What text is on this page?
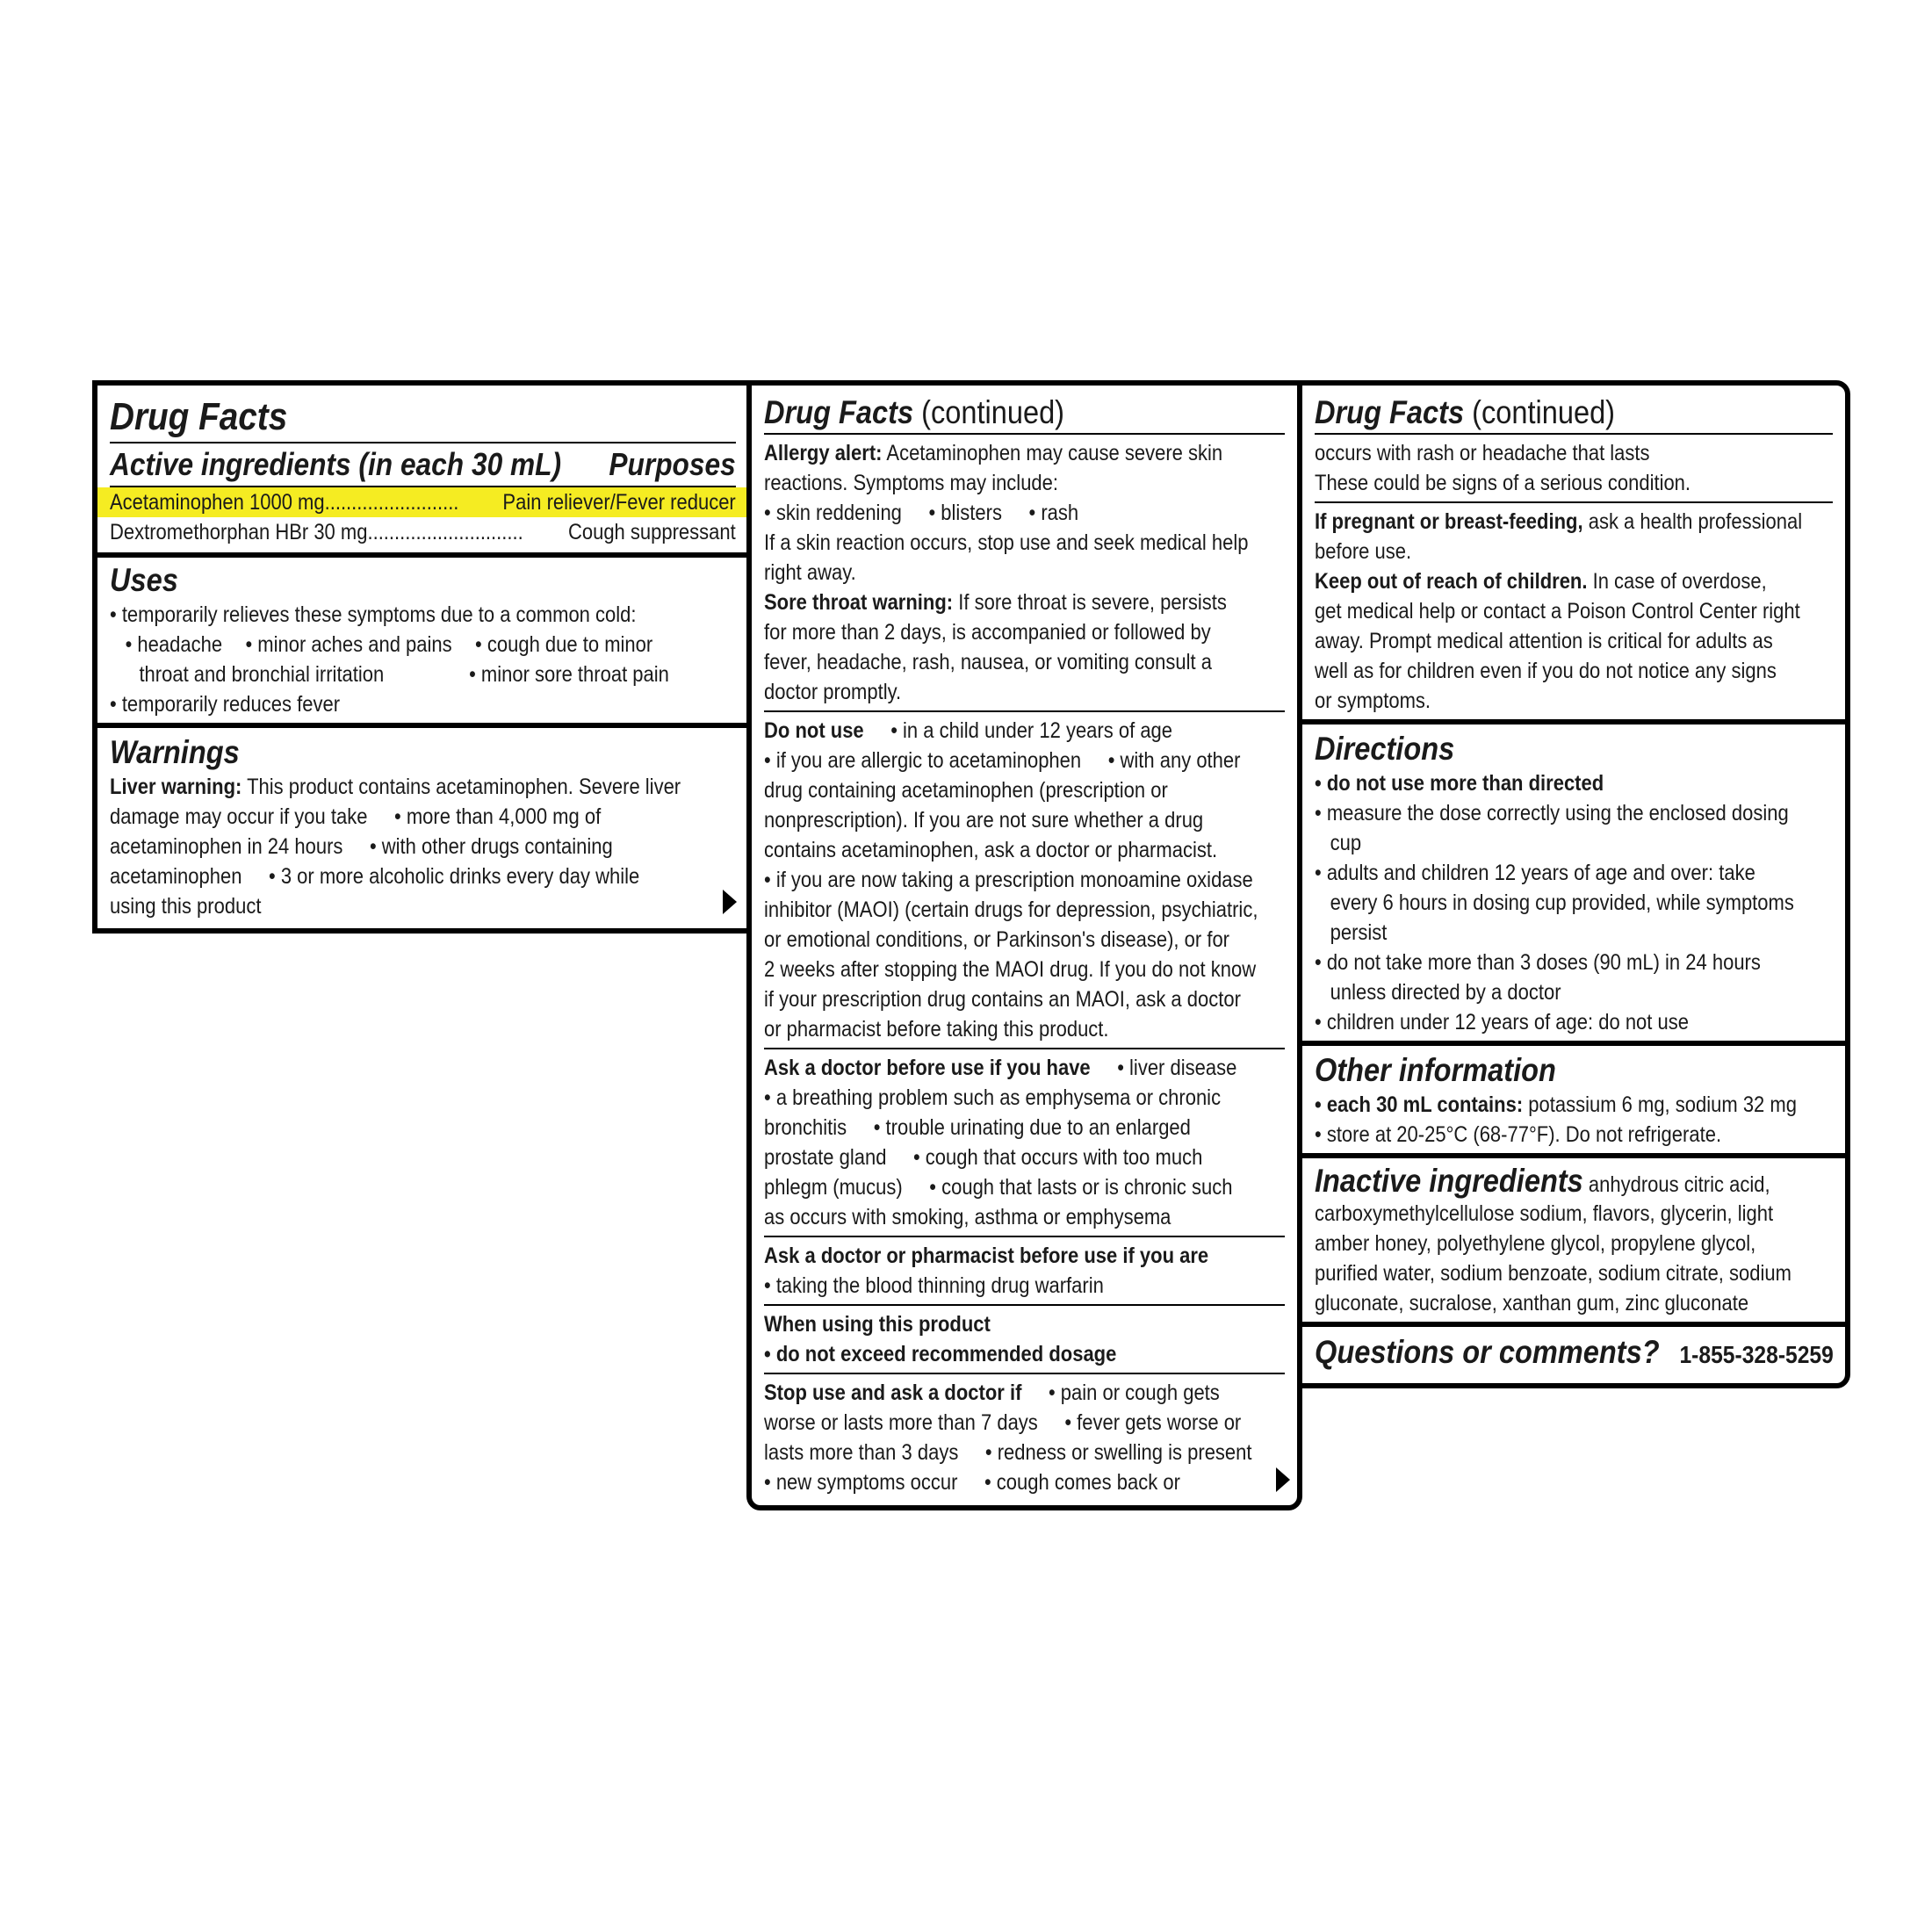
Drug Facts
Active ingredients (in each 30 mL) Purposes
Acetaminophen 1000 mg......................... Pain reliever/Fever reducer
Dextromethorphan HBr 30 mg............................. Cough suppressant
Uses
• temporarily relieves these symptoms due to a common cold:
• headache • minor aches and pains • cough due to minor
throat and bronchial irritation	• minor sore throat pain
• temporarily reduces fever
Warnings
Liver warning: This product contains acetaminophen. Severe liver
damage may occur if you take     • more than 4,000 mg of
acetaminophen in 24 hours     • with other drugs containing
acetaminophen     • 3 or more alcoholic drinks every day while
using this product
Drug Facts (continued)
Allergy alert: Acetaminophen may cause severe skin
reactions. Symptoms may include:
• skin reddening     • blisters     • rash
If a skin reaction occurs, stop use and seek medical help
right away.
Sore throat warning: If sore throat is severe, persists
for more than 2 days, is accompanied or followed by
fever, headache, rash, nausea, or vomiting consult a
doctor promptly.
Do not use     • in a child under 12 years of age
• if you are allergic to acetaminophen     • with any other
drug containing acetaminophen (prescription or
nonprescription). If you are not sure whether a drug
contains acetaminophen, ask a doctor or pharmacist.
• if you are now taking a prescription monoamine oxidase
inhibitor (MAOI) (certain drugs for depression, psychiatric,
or emotional conditions, or Parkinson's disease), or for
2 weeks after stopping the MAOI drug. If you do not know
if your prescription drug contains an MAOI, ask a doctor
or pharmacist before taking this product.
Ask a doctor before use if you have     • liver disease
• a breathing problem such as emphysema or chronic
bronchitis     • trouble urinating due to an enlarged
prostate gland     • cough that occurs with too much
phlegm (mucus)     • cough that lasts or is chronic such
as occurs with smoking, asthma or emphysema
Ask a doctor or pharmacist before use if you are
• taking the blood thinning drug warfarin
When using this product
• do not exceed recommended dosage
Stop use and ask a doctor if     • pain or cough gets
worse or lasts more than 7 days     • fever gets worse or
lasts more than 3 days     • redness or swelling is present
• new symptoms occur     • cough comes back or
Drug Facts (continued)
occurs with rash or headache that lasts
These could be signs of a serious condition.
If pregnant or breast-feeding, ask a health professional
before use.
Keep out of reach of children. In case of overdose,
get medical help or contact a Poison Control Center right
away. Prompt medical attention is critical for adults as
well as for children even if you do not notice any signs
or symptoms.
Directions
• do not use more than directed
• measure the dose correctly using the enclosed dosing
cup
• adults and children 12 years of age and over: take
every 6 hours in dosing cup provided, while symptoms
persist
• do not take more than 3 doses (90 mL) in 24 hours
unless directed by a doctor
• children under 12 years of age: do not use
Other information
• each 30 mL contains: potassium 6 mg, sodium 32 mg
• store at 20-25°C (68-77°F). Do not refrigerate.
Inactive ingredients anhydrous citric acid,
carboxymethylcellulose sodium, flavors, glycerin, light
amber honey, polyethylene glycol, propylene glycol,
purified water, sodium benzoate, sodium citrate, sodium
gluconate, sucralose, xanthan gum, zinc gluconate
Questions or comments? 1-855-328-5259
